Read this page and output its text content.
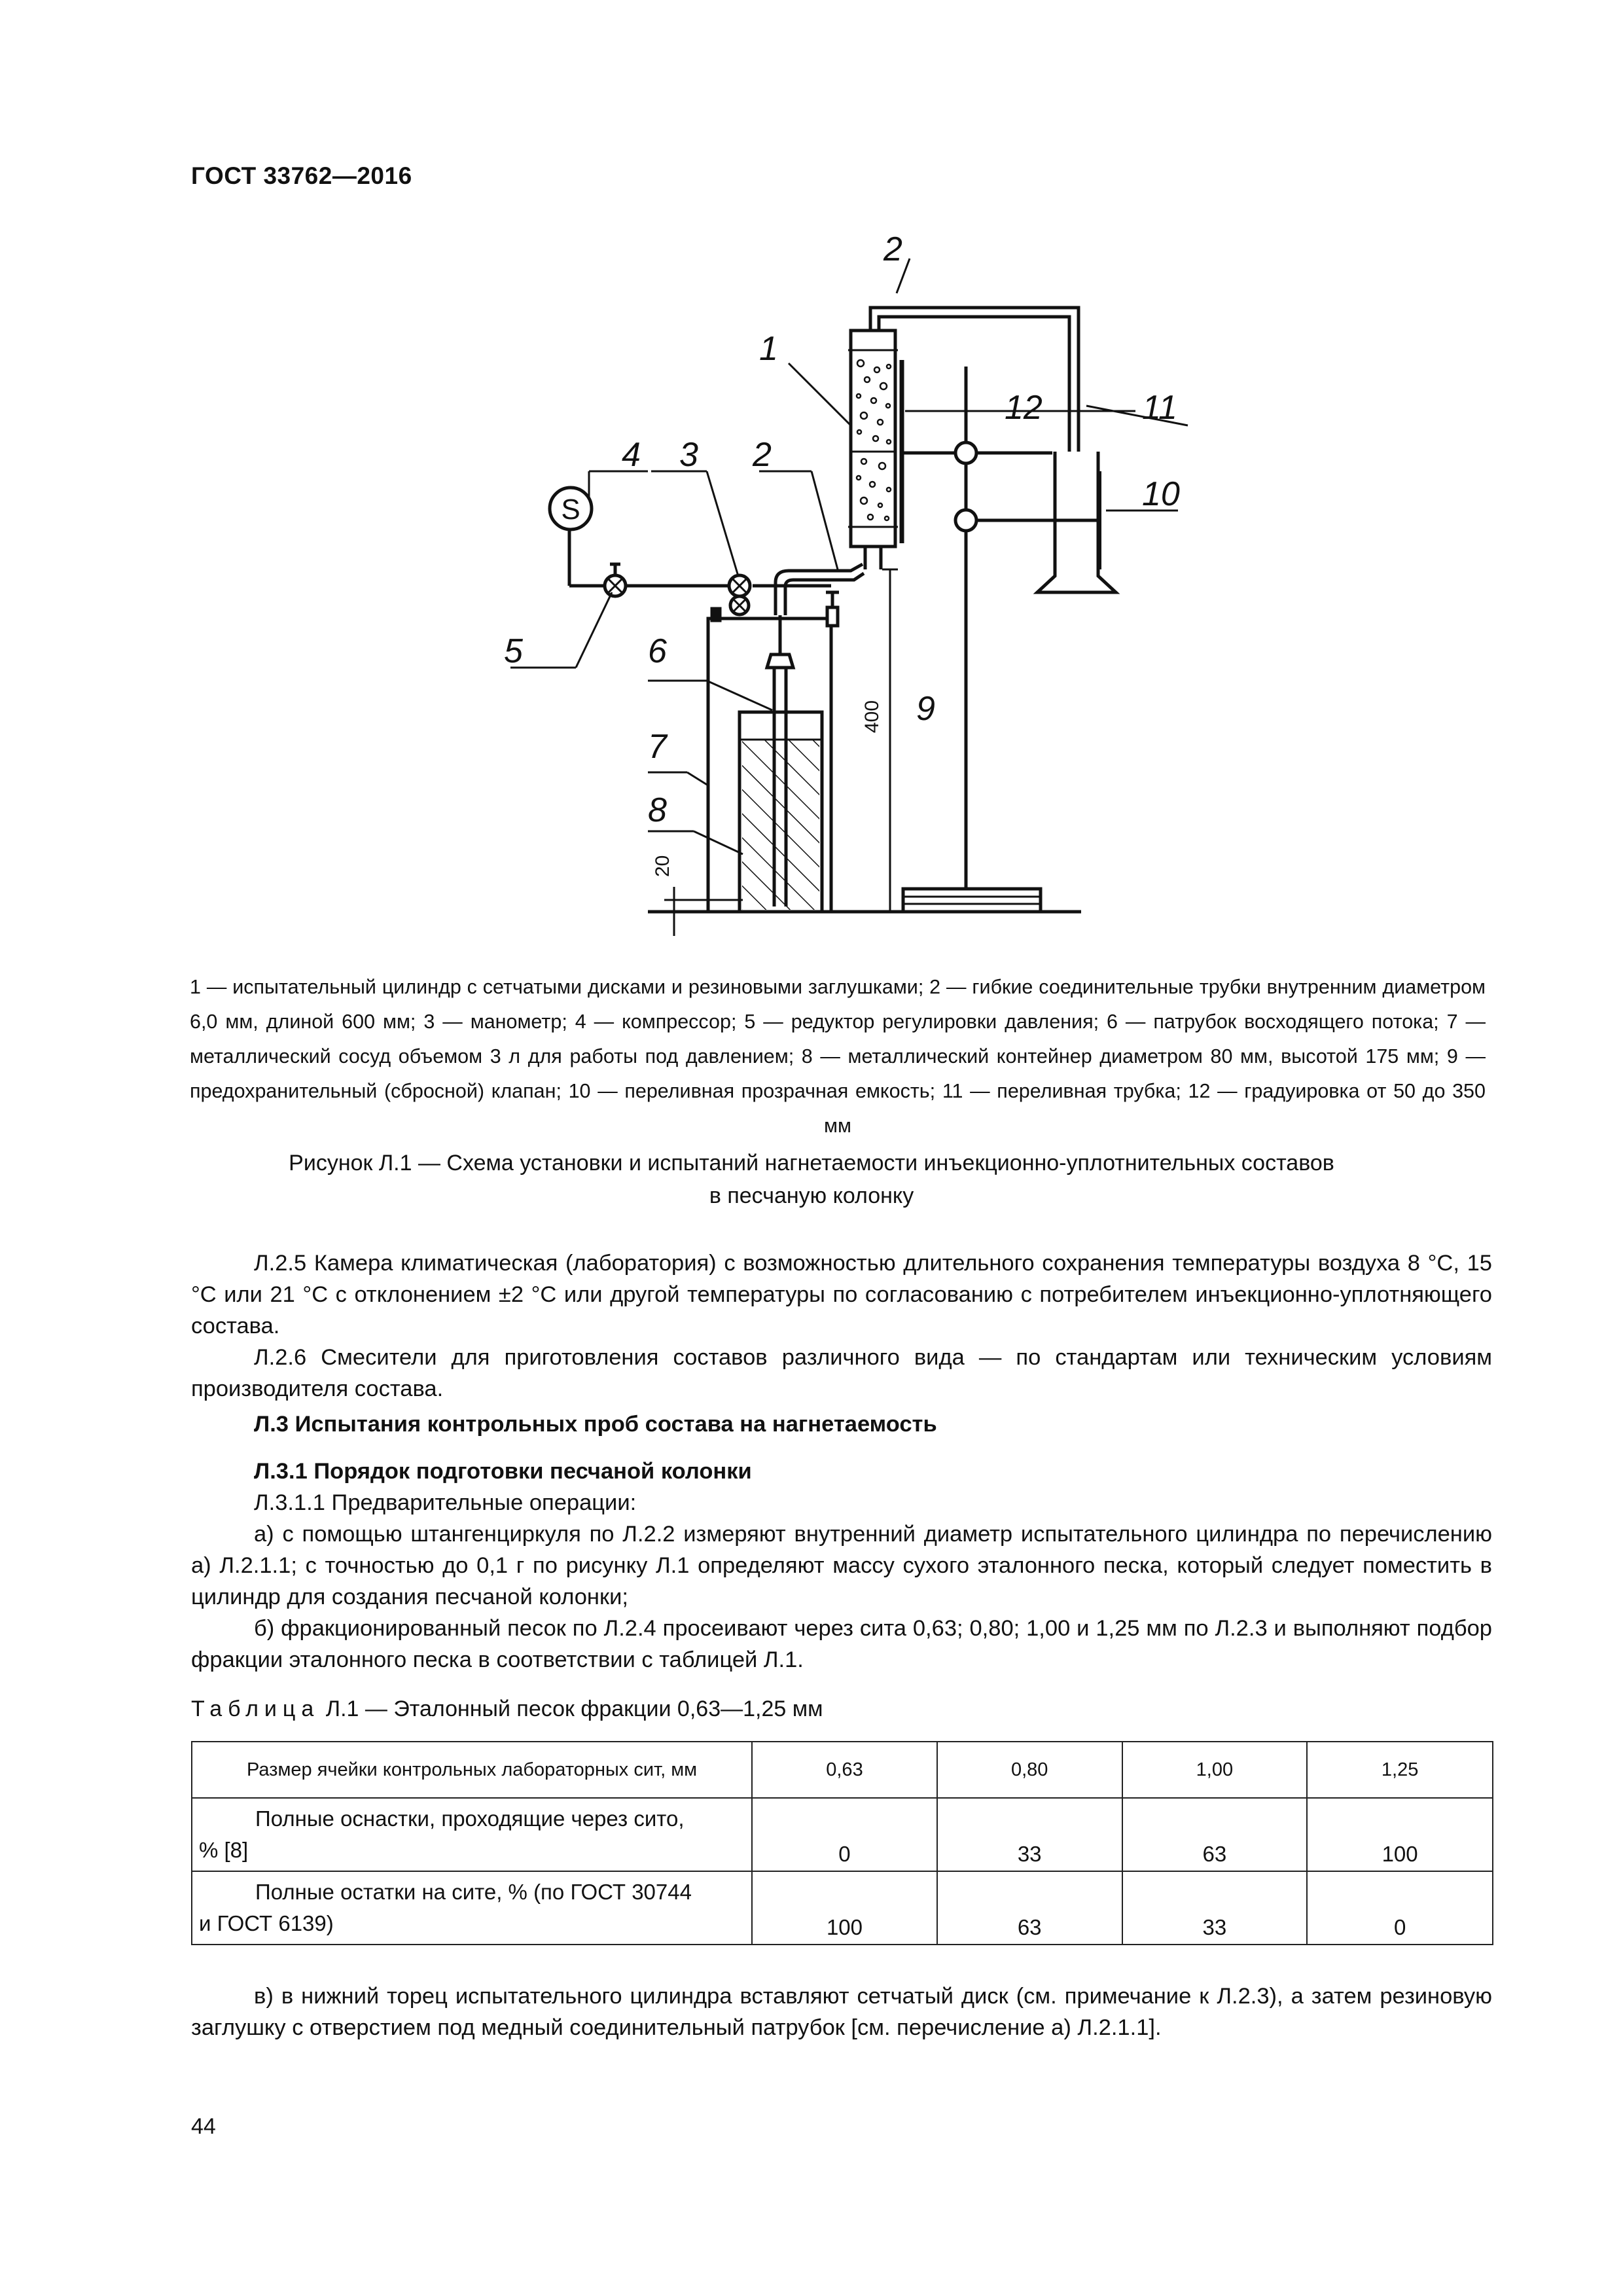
ГОСТ 33762—2016
2
1
12	11
10
4 3 2
5	6
7
8
9
S
400
20
1 — испытательный цилиндр с сетчатыми дисками и резиновыми заглушками; 2 — гибкие соединительные трубки внутренним диаметром 6,0 мм, длиной 600 мм; 3 — манометр; 4 — компрессор; 5 — редуктор регулировки давления; 6 — патрубок восходящего потока; 7 — металлический сосуд объемом 3 л для работы под давлением; 8 — металлический контейнер диаметром 80 мм, высотой 175 мм; 9 — предохранительный (сбросной) клапан; 10 — переливная прозрачная емкость; 11 — переливная трубка; 12 — градуировка от 50 до 350 мм
Рисунок Л.1 — Схема установки и испытаний нагнетаемости инъекционно-уплотнительных составов
в песчаную колонку
Л.2.5 Камера климатическая (лаборатория) с возможностью длительного сохранения температуры воздуха 8 °С, 15 °С или 21 °С с отклонением ±2 °С или другой температуры по согласованию с потребителем инъекционно-уплотняющего состава.
Л.2.6 Смесители для приготовления составов различного вида — по стандартам или техническим условиям производителя состава.
Л.3 Испытания контрольных проб состава на нагнетаемость
Л.3.1 Порядок подготовки песчаной колонки
Л.3.1.1 Предварительные операции:
а) с помощью штангенциркуля по Л.2.2 измеряют внутренний диаметр испытательного цилиндра по перечислению а) Л.2.1.1; с точностью до 0,1 г по рисунку Л.1 определяют массу сухого эталонного песка, который следует поместить в цилиндр для создания песчаной колонки;
б) фракционированный песок по Л.2.4 просеивают через сита 0,63; 0,80; 1,00 и 1,25 мм по Л.2.3 и выполняют подбор фракции эталонного песка в соответствии с таблицей Л.1.
Таблица Л.1 — Эталонный песок фракции 0,63—1,25 мм
Размер ячейки контрольных лабораторных сит, мм	0,63	0,80	1,00	1,25

Полные оснастки, проходящие через сито,
% [8]	0	33	63	100

Полные остатки на сите, % (по ГОСТ 30744
и ГОСТ 6139)	100	63	33	0
в) в нижний торец испытательного цилиндра вставляют сетчатый диск (см. примечание к Л.2.3), а затем резиновую заглушку с отверстием под медный соединительный патрубок [см. перечисление а) Л.2.1.1].
44
